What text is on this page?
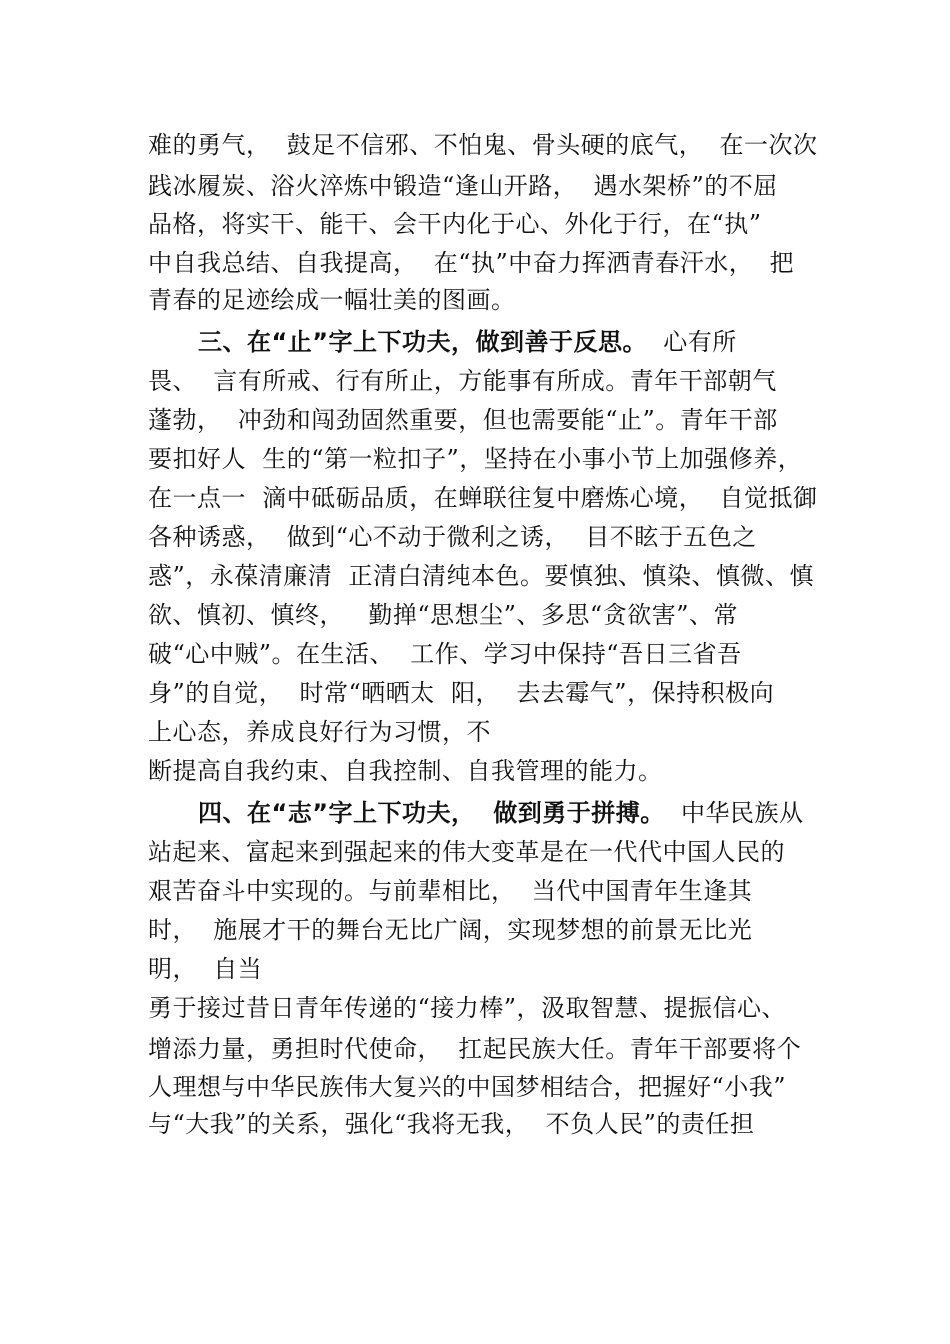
难的勇气，  鼓足不信邪、不怕鬼、骨头硬的底气，  在一次次
践冰履炭、浴火淬炼中锻造“逢山开路，  遇水架桥”的不屈
品格，将实干、能干、会干内化于心、外化于行，在“执”
中自我总结、自我提高，  在“执”中奋力挥洒青春汗水，  把
青春的足迹绘成一幅壮美的图画。
三、在“止”字上下功夫，做到善于反思。  心有所
畏、  言有所戒、行有所止，方能事有所成。青年干部朝气
蓬勃，  冲劲和闯劲固然重要，但也需要能“止”。青年干部
要扣好人  生的“第一粒扣子”，坚持在小事小节上加强修养，
在一点一  滴中砥砺品质，在蝉联往复中磨炼心境，  自觉抵御
各种诱惑，  做到“心不动于微利之诱，  目不眩于五色之
惑”，永葆清廉清  正清白清纯本色。要慎独、慎染、慎微、慎
欲、慎初、慎终，   勤掸“思想尘”、多思“贪欲害”、常
破“心中贼”。在生活、  工作、学习中保持“吾日三省吾
身”的自觉，  时常“晒晒太  阳，  去去霉气”，保持积极向
上心态，养成良好行为习惯，不
断提高自我约束、自我控制、自我管理的能力。
四、在“志”字上下功夫，  做到勇于拼搏。  中华民族从
站起来、富起来到强起来的伟大变革是在一代代中国人民的
艰苦奋斗中实现的。与前辈相比，  当代中国青年生逢其
时，  施展才干的舞台无比广阔，实现梦想的前景无比光
明，  自当
勇于接过昔日青年传递的“接力棒”，汲取智慧、提振信心、
增添力量，勇担时代使命，  扛起民族大任。青年干部要将个
人理想与中华民族伟大复兴的中国梦相结合，把握好“小我”
与“大我”的关系，强化“我将无我，  不负人民”的责任担
